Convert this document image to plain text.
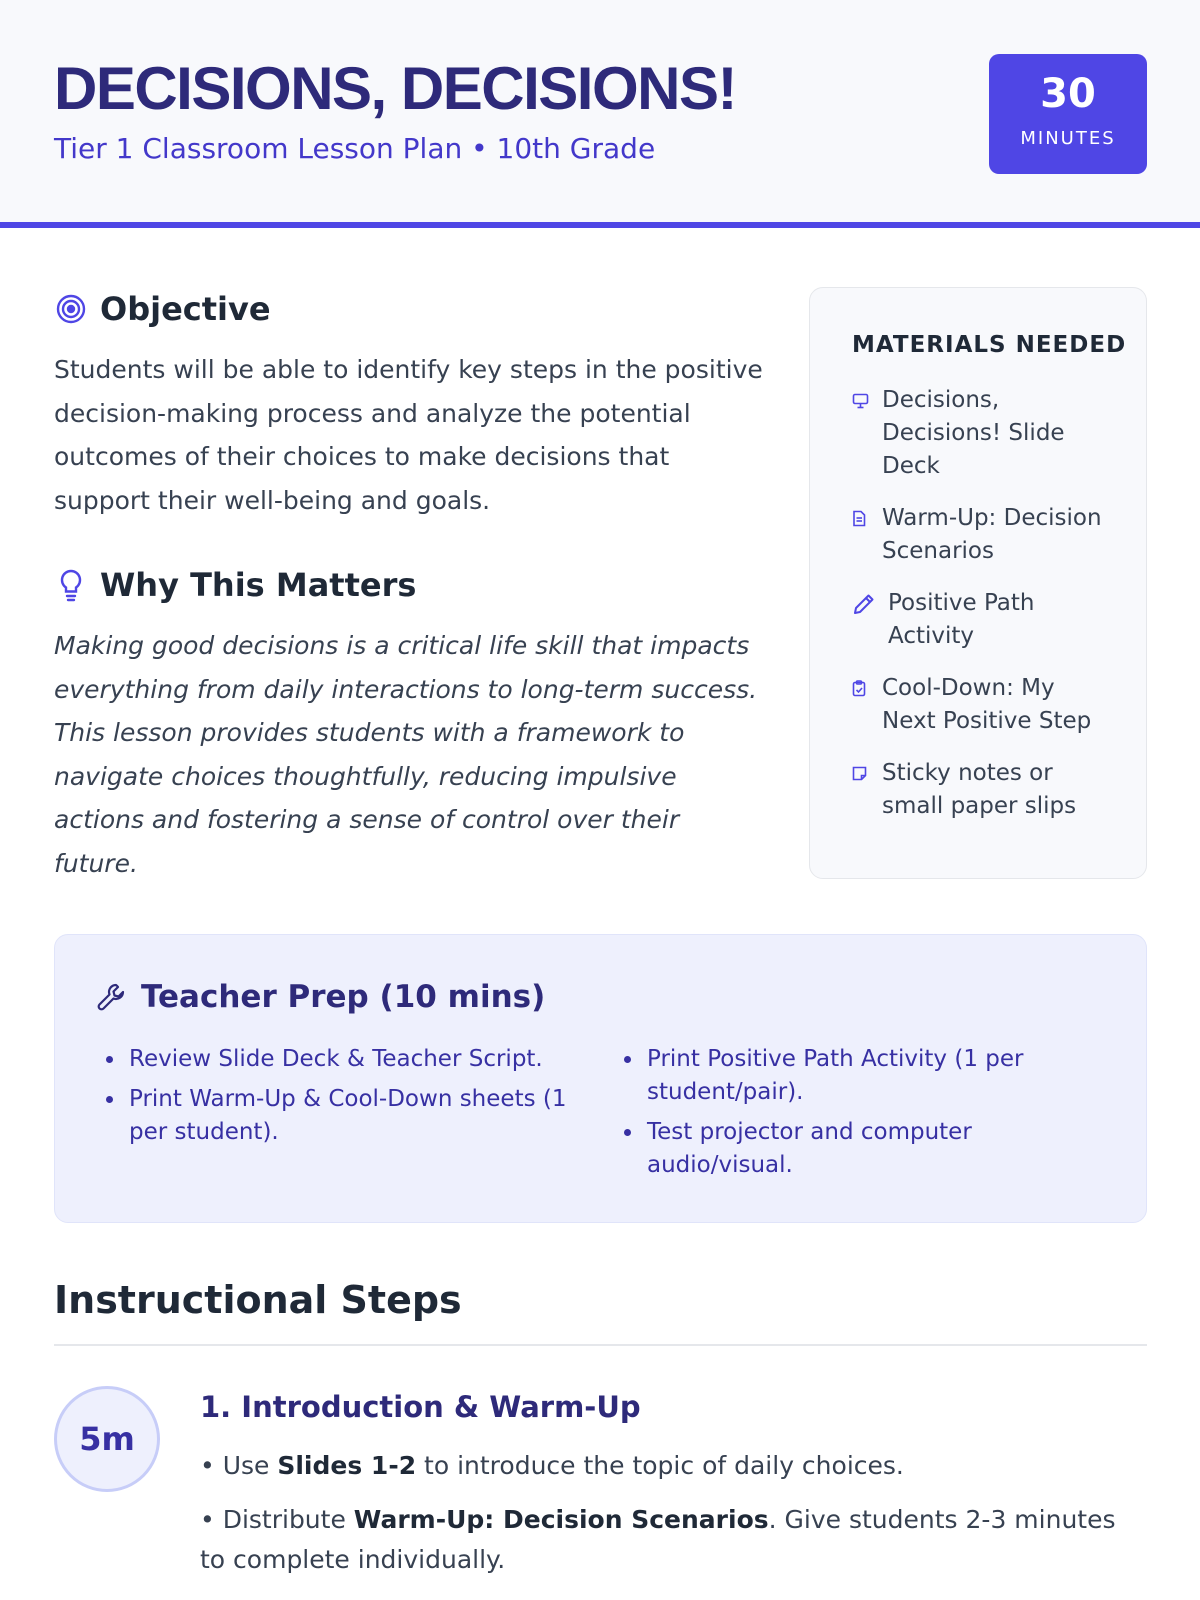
DECISIONS, DECISIONS!
Tier 1 Classroom Lesson Plan • 10th Grade
30
MINUTES
Objective

Students will be able to identify key steps in the positive decision-making process and analyze the potential outcomes of their choices to make decisions that support their well-being and goals.

Why This Matters

Making good decisions is a critical life skill that impacts everything from daily interactions to long-term success. This lesson provides students with a framework to navigate choices thoughtfully, reducing impulsive actions and fostering a sense of control over their future.

MATERIALS NEEDED
Decisions, Decisions! Slide Deck
Warm-Up: Decision Scenarios
Positive Path Activity
Cool-Down: My Next Positive Step
Sticky notes or small paper slips
Teacher Prep (10 mins)
Review Slide Deck & Teacher Script.
Print Warm-Up & Cool-Down sheets (1 per student).
Print Positive Path Activity (1 per student/pair).
Test projector and computer audio/visual.
Instructional Steps
5m
1. Introduction & Warm-Up

• Use Slides 1-2 to introduce the topic of daily choices.

• Distribute Warm-Up: Decision Scenarios. Give students 2-3 minutes to complete individually.
